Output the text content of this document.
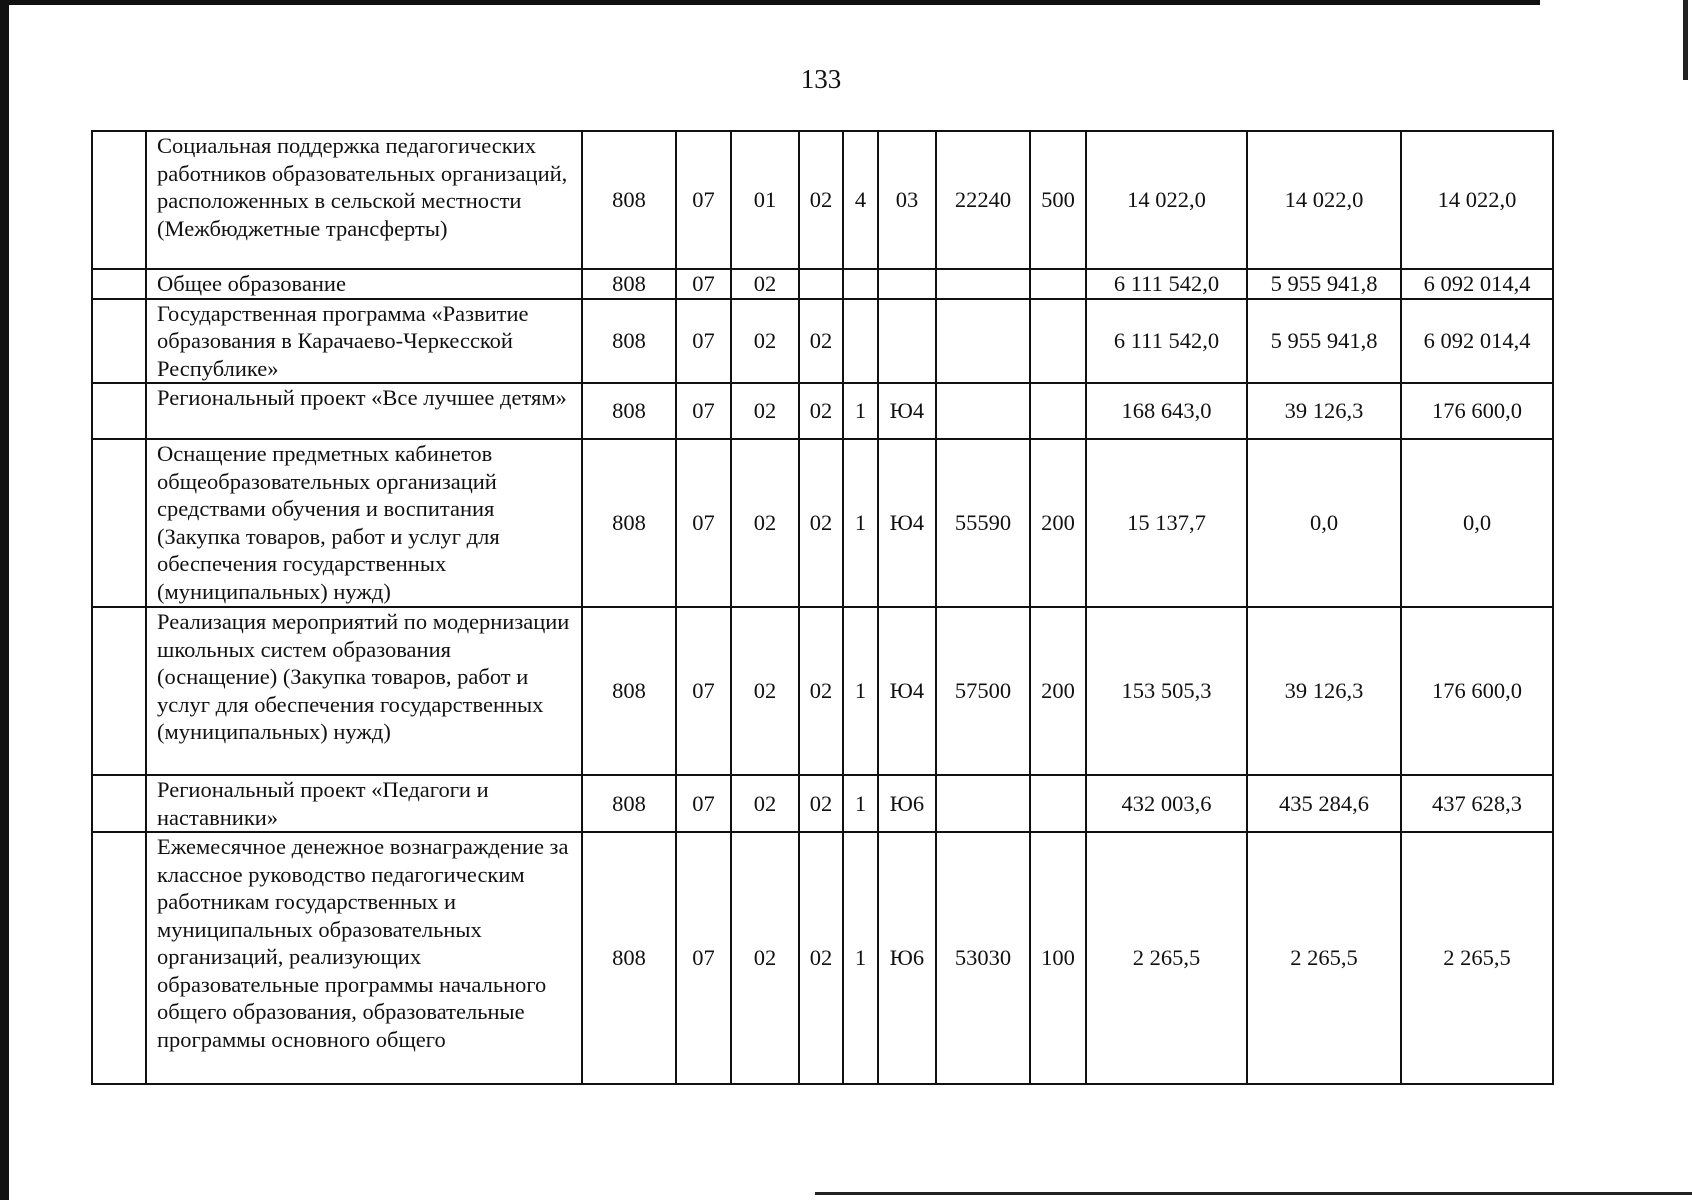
133
	Социальная поддержка педагогических работников образовательных организаций, расположенных в сельской местности (Межбюджетные трансферты)	808	07	01	02	4	03	22240	500	14 022,0	14 022,0	14 022,0
	Общее образование	808	07	02						6 111 542,0	5 955 941,8	6 092 014,4
	Государственная программа «Развитие образования в Карачаево-Черкесской Республике»	808	07	02	02					6 111 542,0	5 955 941,8	6 092 014,4
	Региональный проект «Все лучшее детям»	808	07	02	02	1	Ю4			168 643,0	39 126,3	176 600,0
	Оснащение предметных кабинетов общеобразовательных организаций средствами обучения и воспитания (Закупка товаров, работ и услуг для обеспечения государственных (муниципальных) нужд)	808	07	02	02	1	Ю4	55590	200	15 137,7	0,0	0,0
	Реализация мероприятий по модернизации школьных систем образования (оснащение) (Закупка товаров, работ и услуг для обеспечения государственных (муниципальных) нужд)	808	07	02	02	1	Ю4	57500	200	153 505,3	39 126,3	176 600,0
	Региональный проект «Педагоги и наставники»	808	07	02	02	1	Ю6			432 003,6	435 284,6	437 628,3
	Ежемесячное денежное вознаграждение за классное руководство педагогическим работникам государственных и муниципальных образовательных организаций, реализующих образовательные программы начального общего образования, образовательные программы основного общего	808	07	02	02	1	Ю6	53030	100	2 265,5	2 265,5	2 265,5
